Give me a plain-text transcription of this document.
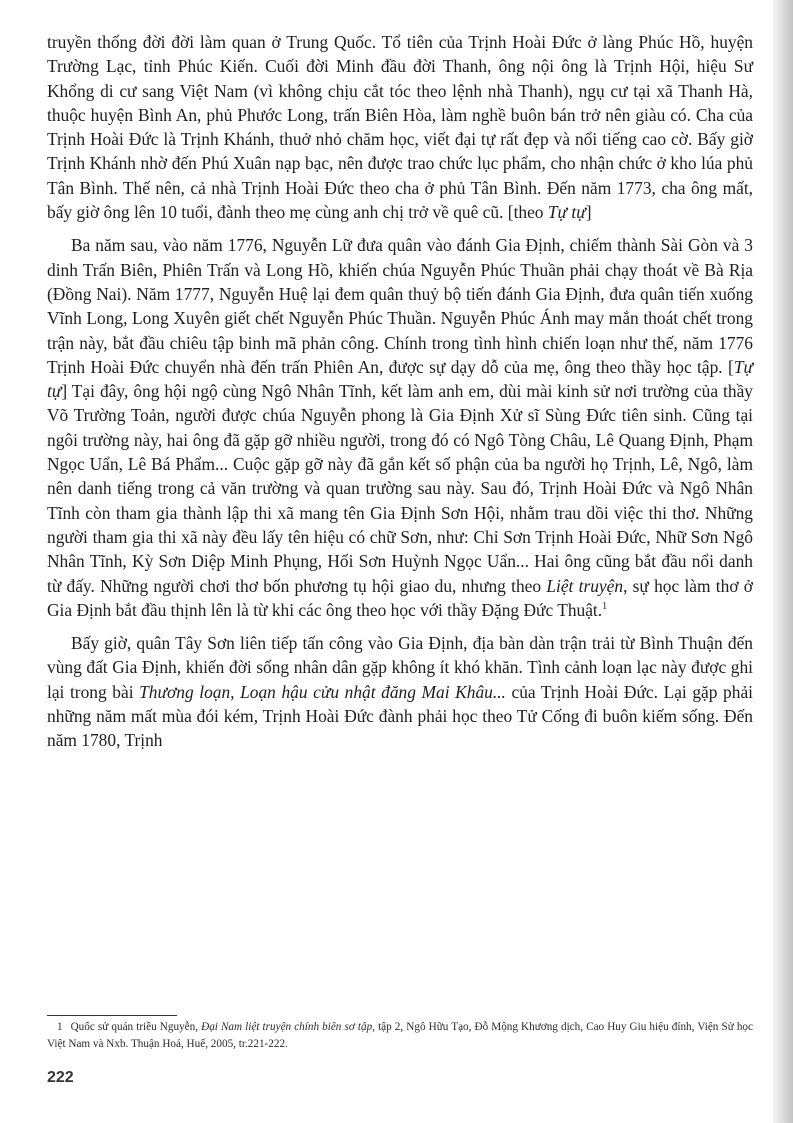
truyền thống đời đời làm quan ở Trung Quốc. Tổ tiên của Trịnh Hoài Đức ở làng Phúc Hồ, huyện Trường Lạc, tỉnh Phúc Kiến. Cuối đời Minh đầu đời Thanh, ông nội ông là Trịnh Hội, hiệu Sư Khổng di cư sang Việt Nam (vì không chịu cắt tóc theo lệnh nhà Thanh), ngụ cư tại xã Thanh Hà, thuộc huyện Bình An, phủ Phước Long, trấn Biên Hòa, làm nghề buôn bán trở nên giàu có. Cha của Trịnh Hoài Đức là Trịnh Khánh, thuở nhỏ chăm học, viết đại tự rất đẹp và nổi tiếng cao cờ. Bấy giờ Trịnh Khánh nhờ đến Phú Xuân nạp bạc, nên được trao chức lục phẩm, cho nhận chức ở kho lúa phủ Tân Bình. Thế nên, cả nhà Trịnh Hoài Đức theo cha ở phủ Tân Bình. Đến năm 1773, cha ông mất, bấy giờ ông lên 10 tuổi, đành theo mẹ cùng anh chị trở về quê cũ. [theo Tự tự]

Ba năm sau, vào năm 1776, Nguyễn Lữ đưa quân vào đánh Gia Định, chiếm thành Sài Gòn và 3 dinh Trấn Biên, Phiên Trấn và Long Hồ, khiến chúa Nguyễn Phúc Thuần phải chạy thoát về Bà Rịa (Đồng Nai). Năm 1777, Nguyễn Huệ lại đem quân thuỷ bộ tiến đánh Gia Định, đưa quân tiến xuống Vĩnh Long, Long Xuyên giết chết Nguyễn Phúc Thuần. Nguyễn Phúc Ánh may mắn thoát chết trong trận này, bắt đầu chiêu tập binh mã phản công. Chính trong tình hình chiến loạn như thế, năm 1776 Trịnh Hoài Đức chuyển nhà đến trấn Phiên An, được sự dạy dỗ của mẹ, ông theo thầy học tập. [Tự tự] Tại đây, ông hội ngộ cùng Ngô Nhân Tĩnh, kết làm anh em, dùi mài kinh sử nơi trường của thầy Võ Trường Toản, người được chúa Nguyễn phong là Gia Định Xử sĩ Sùng Đức tiên sinh. Cũng tại ngôi trường này, hai ông đã gặp gỡ nhiều người, trong đó có Ngô Tòng Châu, Lê Quang Định, Phạm Ngọc Uẩn, Lê Bá Phẩm... Cuộc gặp gỡ này đã gắn kết số phận của ba người họ Trịnh, Lê, Ngô, làm nên danh tiếng trong cả văn trường và quan trường sau này. Sau đó, Trịnh Hoài Đức và Ngô Nhân Tĩnh còn tham gia thành lập thi xã mang tên Gia Định Sơn Hội, nhằm trau dồi việc thi thơ. Những người tham gia thi xã này đều lấy tên hiệu có chữ Sơn, như: Chỉ Sơn Trịnh Hoài Đức, Nhữ Sơn Ngô Nhân Tĩnh, Kỳ Sơn Diệp Minh Phụng, Hối Sơn Huỳnh Ngọc Uẩn... Hai ông cũng bắt đầu nổi danh từ đấy. Những người chơi thơ bốn phương tụ hội giao du, nhưng theo Liệt truyện, sự học làm thơ ở Gia Định bắt đầu thịnh lên là từ khi các ông theo học với thầy Đặng Đức Thuật.$^1$

Bấy giờ, quân Tây Sơn liên tiếp tấn công vào Gia Định, địa bàn dàn trận trải từ Bình Thuận đến vùng đất Gia Định, khiến đời sống nhân dân gặp không ít khó khăn. Tình cảnh loạn lạc này được ghi lại trong bài Thương loạn, Loạn hậu cửu nhật đăng Mai Khâu... của Trịnh Hoài Đức. Lại gặp phải những năm mất mùa đói kém, Trịnh Hoài Đức đành phải học theo Tử Cống đi buôn kiếm sống. Đến năm 1780, Trịnh

1 Quốc sử quán triều Nguyễn, Đại Nam liệt truyện chính biên sơ tập, tập 2, Ngô Hữu Tạo, Đỗ Mộng Khương dịch, Cao Huy Giu hiệu đính, Viện Sử học Việt Nam và Nxb. Thuận Hoá, Huế, 2005, tr.221-222.
222
